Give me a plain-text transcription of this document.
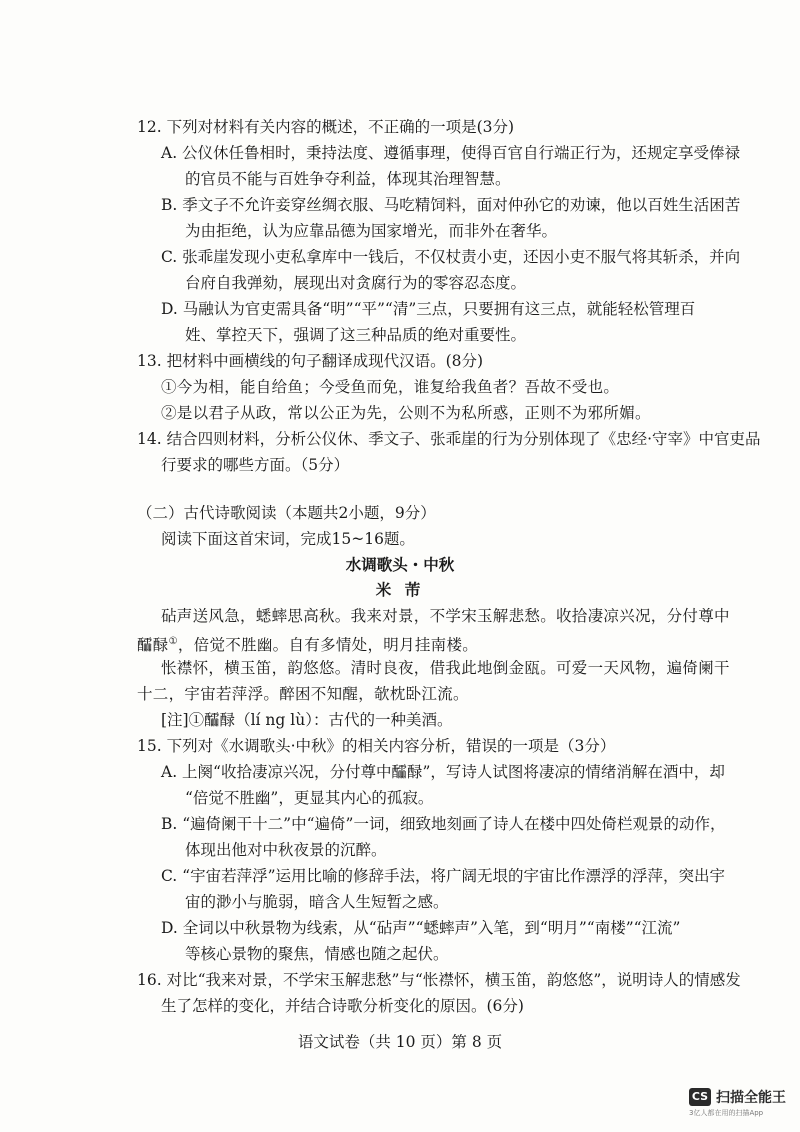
12. 下列对材料有关内容的概述，不正确的一项是(3分)
A. 公仪休任鲁相时，秉持法度、遵循事理，使得百官自行端正行为，还规定享受俸禄
的官员不能与百姓争夺利益，体现其治理智慧。
B. 季文子不允许妾穿丝绸衣服、马吃精饲料，面对仲孙它的劝谏，他以百姓生活困苦
为由拒绝，认为应靠品德为国家增光，而非外在奢华。
C. 张乖崖发现小吏私拿库中一钱后，不仅杖责小吏，还因小吏不服气将其斩杀，并向
台府自我弹劾，展现出对贪腐行为的零容忍态度。
D. 马融认为官吏需具备“明”“平”“清”三点，只要拥有这三点，就能轻松管理百
姓、掌控天下，强调了这三种品质的绝对重要性。
13. 把材料中画横线的句子翻译成现代汉语。(8分)
①今为相，能自给鱼；今受鱼而免，谁复给我鱼者？吾故不受也。
②是以君子从政，常以公正为先，公则不为私所惑，正则不为邪所媚。
14. 结合四则材料，分析公仪休、季文子、张乖崖的行为分别体现了《忠经·守宰》中官吏品
行要求的哪些方面。（5分）
（二）古代诗歌阅读（本题共2小题，9分）
阅读下面这首宋词，完成15~16题。
水调歌头・中秋
米 芾
砧声送风急，蟋蟀思高秋。我来对景，不学宋玉解悲愁。收拾凄凉兴况，分付尊中
醽醁①，倍觉不胜幽。自有多情处，明月挂南楼。
怅襟怀，横玉笛，韵悠悠。清时良夜，借我此地倒金瓯。可爱一天风物，遍倚阑干
十二，宇宙若萍浮。醉困不知醒，欹枕卧江流。
[注]①醽醁（lí ng lù）：古代的一种美酒。
15. 下列对《水调歌头·中秋》的相关内容分析，错误的一项是（3分）
A. 上阕“收拾凄凉兴况，分付尊中醽醁”，写诗人试图将凄凉的情绪消解在酒中，却
“倍觉不胜幽”，更显其内心的孤寂。
B. “遍倚阑干十二”中“遍倚”一词，细致地刻画了诗人在楼中四处倚栏观景的动作，
体现出他对中秋夜景的沉醉。
C. “宇宙若萍浮”运用比喻的修辞手法，将广阔无垠的宇宙比作漂浮的浮萍，突出宇
宙的渺小与脆弱，暗含人生短暂之感。
D. 全词以中秋景物为线索，从“砧声”“蟋蟀声”入笔，到“明月”“南楼”“江流”
等核心景物的聚焦，情感也随之起伏。
16. 对比“我来对景，不学宋玉解悲愁”与“怅襟怀，横玉笛，韵悠悠”，说明诗人的情感发
生了怎样的变化，并结合诗歌分析变化的原因。(6分)
语文试卷（共 10 页）第 8 页
CS 扫描全能王
3亿人都在用的扫描App
